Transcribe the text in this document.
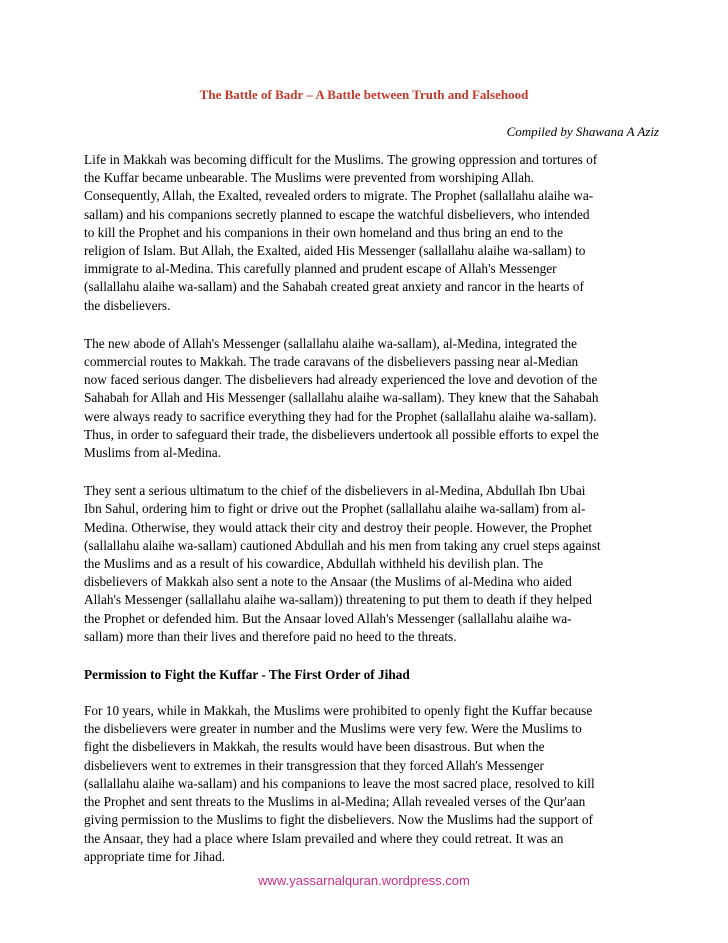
The Battle of Badr – A Battle between Truth and Falsehood
Compiled by Shawana A Aziz
Life in Makkah was becoming difficult for the Muslims. The growing oppression and tortures of
the Kuffar became unbearable. The Muslims were prevented from worshiping Allah.
Consequently, Allah, the Exalted, revealed orders to migrate. The Prophet (sallallahu alaihe wa-
sallam) and his companions secretly planned to escape the watchful disbelievers, who intended
to kill the Prophet and his companions in their own homeland and thus bring an end to the
religion of Islam. But Allah, the Exalted, aided His Messenger (sallallahu alaihe wa-sallam) to
immigrate to al-Medina. This carefully planned and prudent escape of Allah's Messenger
(sallallahu alaihe wa-sallam) and the Sahabah created great anxiety and rancor in the hearts of
the disbelievers.
The new abode of Allah's Messenger (sallallahu alaihe wa-sallam), al-Medina, integrated the
commercial routes to Makkah. The trade caravans of the disbelievers passing near al-Median
now faced serious danger. The disbelievers had already experienced the love and devotion of the
Sahabah for Allah and His Messenger (sallallahu alaihe wa-sallam). They knew that the Sahabah
were always ready to sacrifice everything they had for the Prophet (sallallahu alaihe wa-sallam).
Thus, in order to safeguard their trade, the disbelievers undertook all possible efforts to expel the
Muslims from al-Medina.
They sent a serious ultimatum to the chief of the disbelievers in al-Medina, Abdullah Ibn Ubai
Ibn Sahul, ordering him to fight or drive out the Prophet (sallallahu alaihe wa-sallam) from al-
Medina. Otherwise, they would attack their city and destroy their people. However, the Prophet
(sallallahu alaihe wa-sallam) cautioned Abdullah and his men from taking any cruel steps against
the Muslims and as a result of his cowardice, Abdullah withheld his devilish plan. The
disbelievers of Makkah also sent a note to the Ansaar (the Muslims of al-Medina who aided
Allah's Messenger (sallallahu alaihe wa-sallam)) threatening to put them to death if they helped
the Prophet or defended him. But the Ansaar loved Allah's Messenger (sallallahu alaihe wa-
sallam) more than their lives and therefore paid no heed to the threats.
Permission to Fight the Kuffar - The First Order of Jihad
For 10 years, while in Makkah, the Muslims were prohibited to openly fight the Kuffar because
the disbelievers were greater in number and the Muslims were very few. Were the Muslims to
fight the disbelievers in Makkah, the results would have been disastrous. But when the
disbelievers went to extremes in their transgression that they forced Allah's Messenger
(sallallahu alaihe wa-sallam) and his companions to leave the most sacred place, resolved to kill
the Prophet and sent threats to the Muslims in al-Medina; Allah revealed verses of the Qur'aan
giving permission to the Muslims to fight the disbelievers. Now the Muslims had the support of
the Ansaar, they had a place where Islam prevailed and where they could retreat. It was an
appropriate time for Jihad.
www.yassarnalquran.wordpress.com
